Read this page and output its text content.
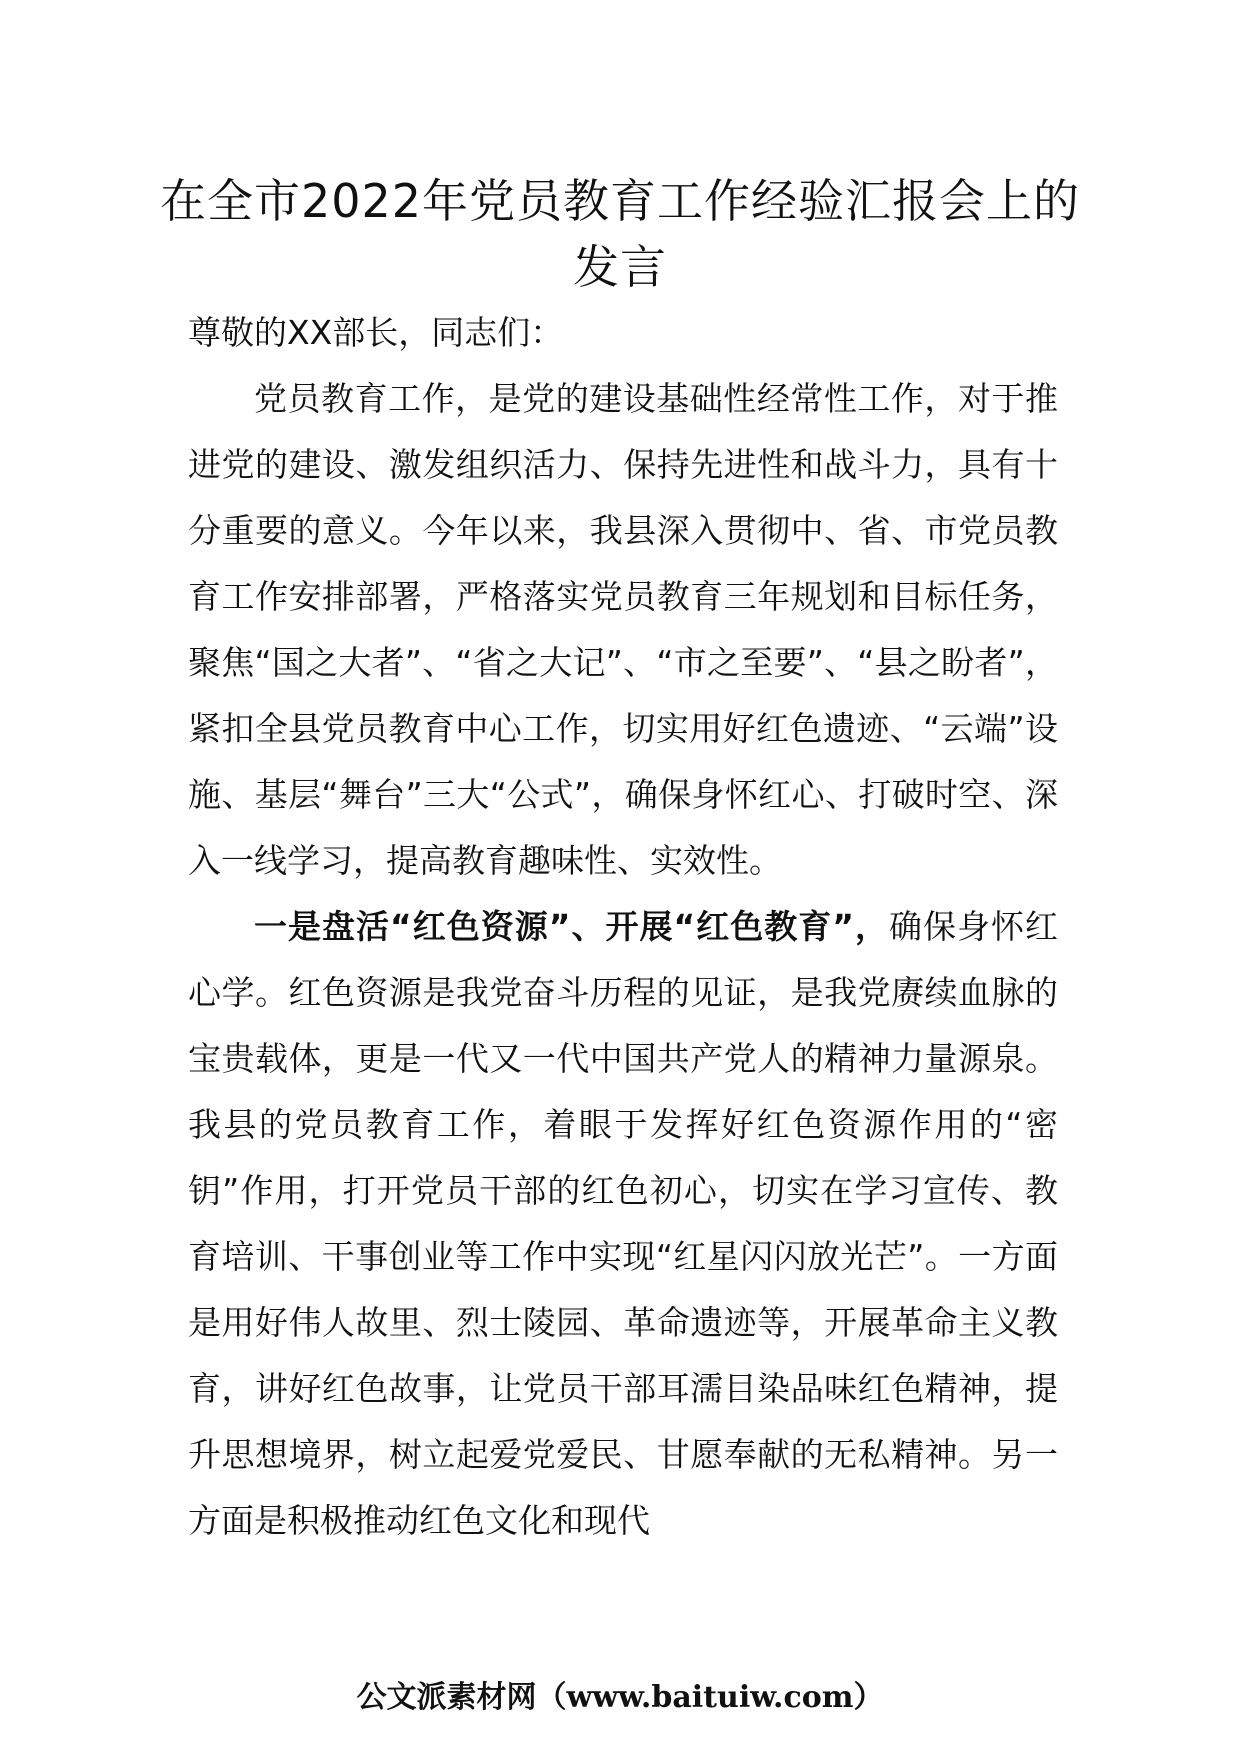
在全市2022年党员教育工作经验汇报会上的发言

尊敬的XX部长，同志们：

党员教育工作，是党的建设基础性经常性工作，对于推进党的建设、激发组织活力、保持先进性和战斗力，具有十分重要的意义。今年以来，我县深入贯彻中、省、市党员教育工作安排部署，严格落实党员教育三年规划和目标任务，聚焦“国之大者”、“省之大记”、“市之至要”、“县之盼者”，紧扣全县党员教育中心工作，切实用好红色遗迹、“云端”设施、基层“舞台”三大“公式”，确保身怀红心、打破时空、深入一线学习，提高教育趣味性、实效性。

一是盘活“红色资源”、开展“红色教育”，确保身怀红心学。红色资源是我党奋斗历程的见证，是我党赓续血脉的宝贵载体，更是一代又一代中国共产党人的精神力量源泉。我县的党员教育工作，着眼于发挥好红色资源作用的“密钥”作用，打开党员干部的红色初心，切实在学习宣传、教育培训、干事创业等工作中实现“红星闪闪放光芒”。一方面是用好伟人故里、烈士陵园、革命遗迹等，开展革命主义教育，讲好红色故事，让党员干部耳濡目染品味红色精神，提升思想境界，树立起爱党爱民、甘愿奉献的无私精神。另一方面是积极推动红色文化和现代

公文派素材网（www.baituiw.com）
